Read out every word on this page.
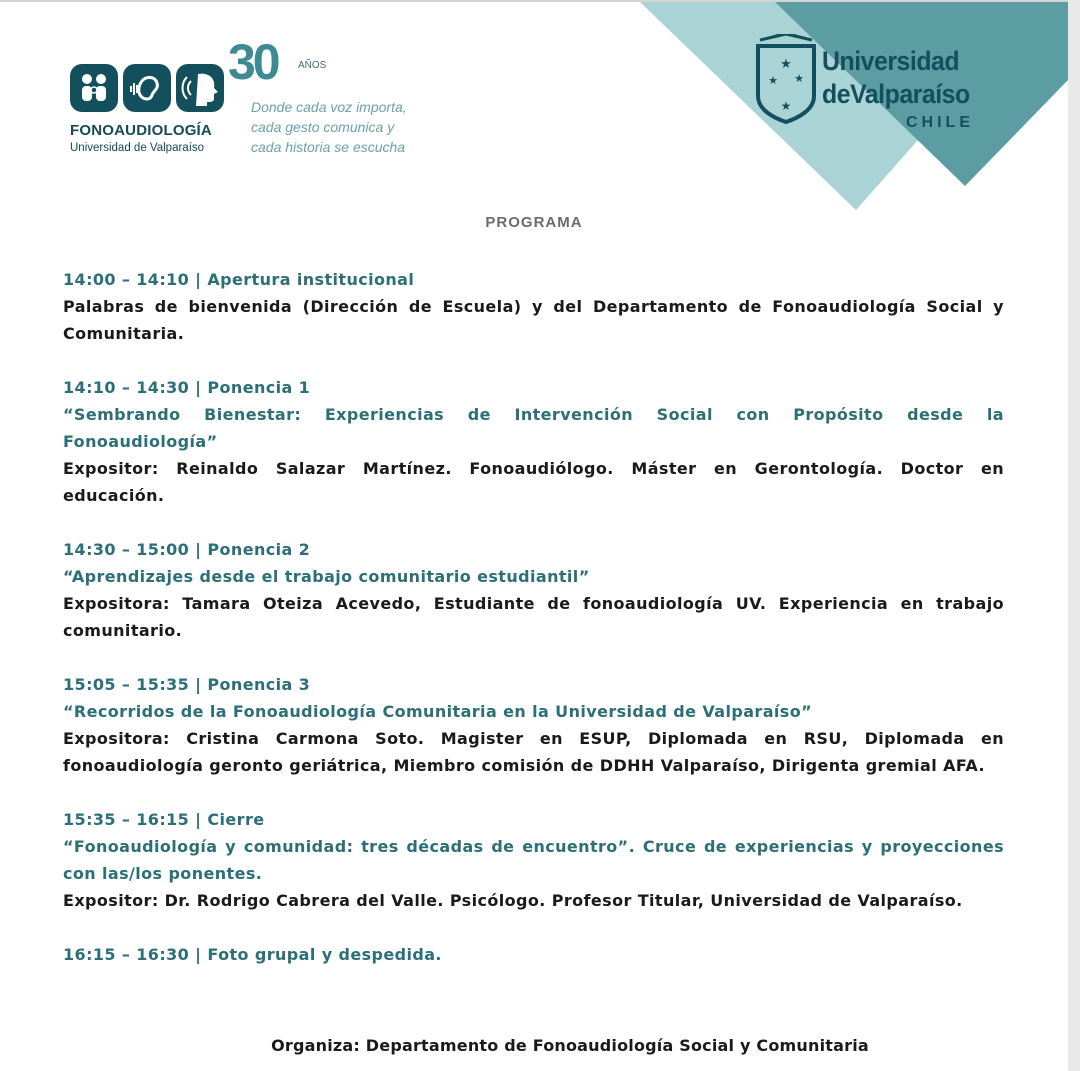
FONOAUDIOLOGÍA
Universidad de Valparaíso
30 AÑOS
Donde cada voz importa,
cada gesto comunica y
cada historia se escucha
★
★ ★
★
Universidad
deValparaíso
CHILE
PROGRAMA
14:00 – 14:10 | Apertura institucional
Palabras de bienvenida (Dirección de Escuela) y del Departamento de Fonoaudiología Social y Comunitaria.
14:10 – 14:30 | Ponencia 1
“Sembrando Bienestar: Experiencias de Intervención Social con Propósito desde la Fonoaudiología”
Expositor: Reinaldo Salazar Martínez. Fonoaudiólogo. Máster en Gerontología. Doctor en educación.
14:30 – 15:00 | Ponencia 2
“Aprendizajes desde el trabajo comunitario estudiantil”
Expositora: Tamara Oteiza Acevedo, Estudiante de fonoaudiología UV. Experiencia en trabajo comunitario.
15:05 – 15:35 | Ponencia 3
“Recorridos de la Fonoaudiología Comunitaria en la Universidad de Valparaíso”
Expositora: Cristina Carmona Soto. Magister en ESUP, Diplomada en RSU, Diplomada en fonoaudiología geronto geriátrica, Miembro comisión de DDHH Valparaíso, Dirigenta gremial AFA.
15:35 – 16:15 | Cierre
“Fonoaudiología y comunidad: tres décadas de encuentro”. Cruce de experiencias y proyecciones con las/los ponentes.
Expositor: Dr. Rodrigo Cabrera del Valle. Psicólogo. Profesor Titular, Universidad de Valparaíso.
16:15 – 16:30 | Foto grupal y despedida.
Organiza: Departamento de Fonoaudiología Social y Comunitaria
